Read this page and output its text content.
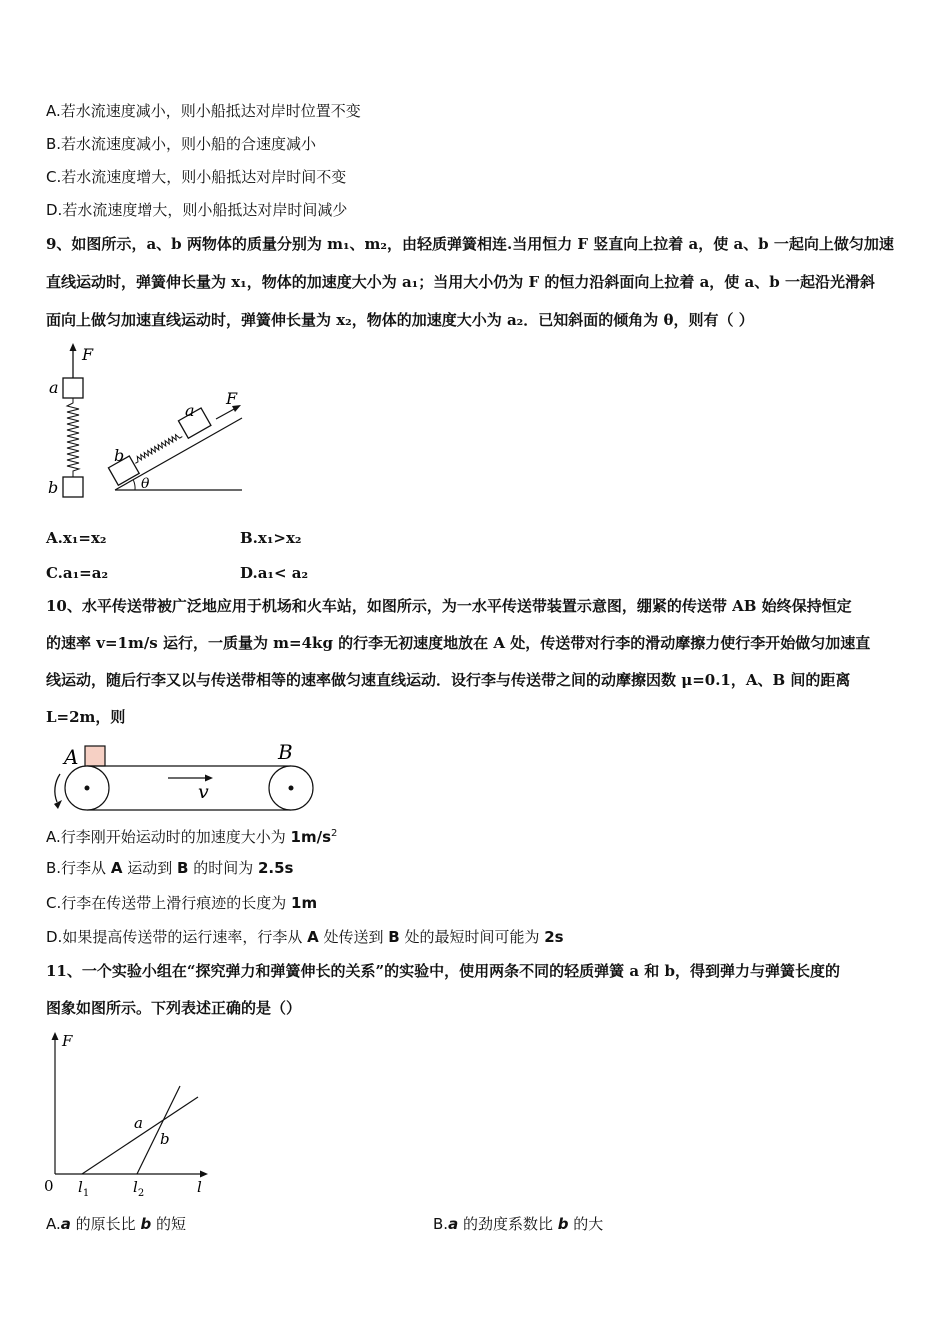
A.若水流速度减小，则小船抵达对岸时位置不变
B.若水流速度减小，则小船的合速度减小
C.若水流速度增大，则小船抵达对岸时间不变
D.若水流速度增大，则小船抵达对岸时间减少
9、如图所示，a、b 两物体的质量分别为 m₁、m₂，由轻质弹簧相连.当用恒力 F 竖直向上拉着 a，使 a、b 一起向上做匀加速
直线运动时，弹簧伸长量为 x₁，物体的加速度大小为 a₁；当用大小仍为 F 的恒力沿斜面向上拉着 a，使 a、b 一起沿光滑斜
面向上做匀加速直线运动时，弹簧伸长量为 x₂，物体的加速度大小为 a₂．已知斜面的倾角为 θ，则有（ ）
F
a
b	θ
a
F
b
A.x₁=x₂	B.x₁>x₂
C.a₁=a₂	D.a₁< a₂
10、水平传送带被广泛地应用于机场和火车站，如图所示，为一水平传送带装置示意图，绷紧的传送带 AB 始终保持恒定
的速率 v=1m/s 运行，一质量为 m=4kg 的行李无初速度地放在 A 处，传送带对行李的滑动摩擦力使行李开始做匀加速直
线运动，随后行李又以与传送带相等的速率做匀速直线运动．设行李与传送带之间的动摩擦因数 μ=0.1，A、B 间的距离
L=2m，则
A	B
v
A.行李刚开始运动时的加速度大小为 $1m/s^2$
B.行李从 A 运动到 B 的时间为 2.5s
C.行李在传送带上滑行痕迹的长度为 1m
D.如果提高传送带的运行速率，行李从 A 处传送到 B 处的最短时间可能为 2s
11、一个实验小组在“探究弹力和弹簧伸长的关系”的实验中，使用两条不同的轻质弹簧 a 和 b，得到弹力与弹簧长度的
图象如图所示。下列表述正确的是（）
F
0	l
$l_1$	$l_2$
a
b
A.a 的原长比 b 的短	B.a 的劲度系数比 b 的大
